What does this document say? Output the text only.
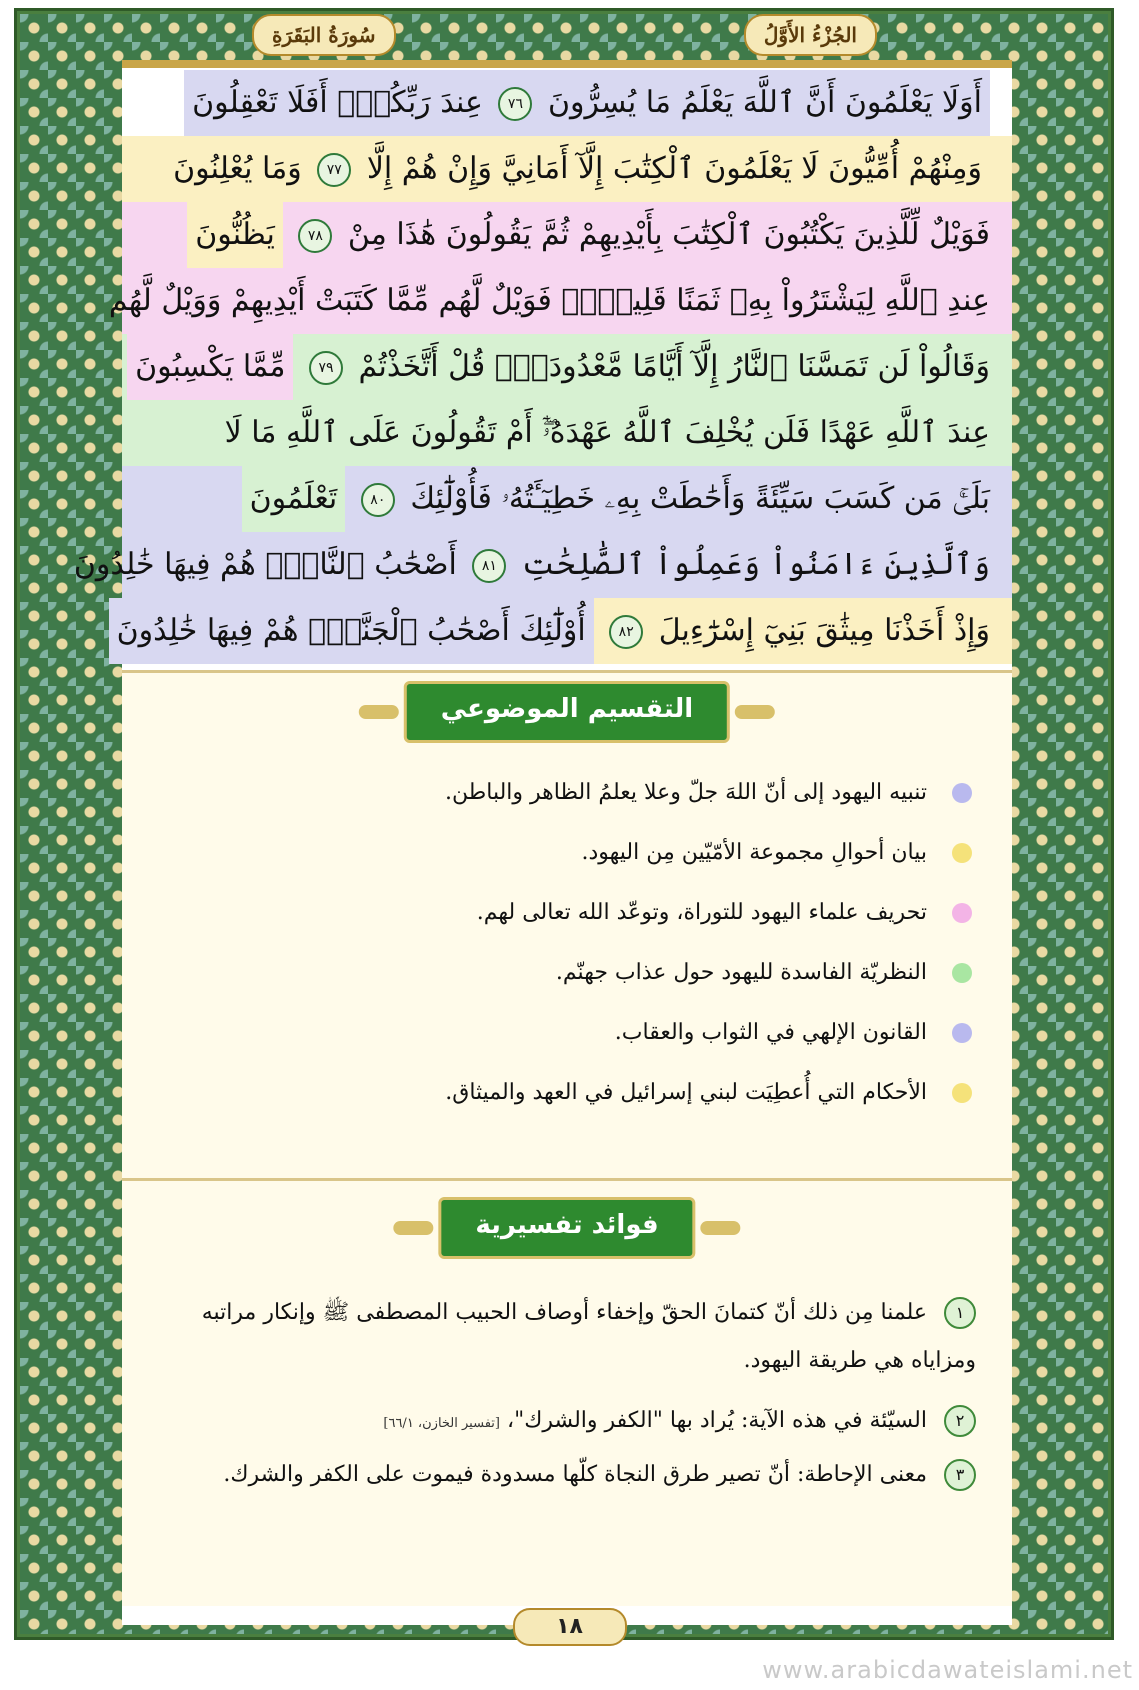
سُورَةُ البَقَرَةِ	الجُزْءُ الأَوَّلُ
أَوَلَا يَعْلَمُونَ أَنَّ ٱللَّهَ يَعْلَمُ مَا يُسِرُّونَ
٧٦
عِندَ رَبِّكُمْۚ أَفَلَا تَعْقِلُونَ
وَمِنْهُمْ أُمِّيُّونَ لَا يَعْلَمُونَ ٱلْكِتَٰبَ إِلَّآ أَمَانِيَّ وَإِنْ هُمْ إِلَّا
٧٧
وَمَا يُعْلِنُونَ
فَوَيْلٌ لِّلَّذِينَ يَكْتُبُونَ ٱلْكِتَٰبَ بِأَيْدِيهِمْ ثُمَّ يَقُولُونَ هَٰذَا مِنْ
٧٨
يَظُنُّونَ
عِندِ ٱللَّهِ لِيَشْتَرُواْ بِهِۦ ثَمَنًا قَلِيلًاۖ فَوَيْلٌ لَّهُم مِّمَّا كَتَبَتْ أَيْدِيهِمْ وَوَيْلٌ لَّهُم
وَقَالُواْ لَن تَمَسَّنَا ٱلنَّارُ إِلَّآ أَيَّامًا مَّعْدُودَةًۚ قُلْ أَتَّخَذْتُمْ
٧٩
مِّمَّا يَكْسِبُونَ
عِندَ ٱللَّهِ عَهْدًا فَلَن يُخْلِفَ ٱللَّهُ عَهْدَهُۥٓۖ أَمْ تَقُولُونَ عَلَى ٱللَّهِ مَا لَا
بَلَىٰۚ مَن كَسَبَ سَيِّئَةً وَأَحَٰطَتْ بِهِۦ خَطِيٓـَٔتُهُۥ فَأُوْلَٰٓئِكَ
٨٠
تَعْلَمُونَ
وَٱلَّذِينَ ءَامَنُواْ وَعَمِلُواْ ٱلصَّٰلِحَٰتِ
٨١
أَصْحَٰبُ ٱلنَّارِۖ هُمْ فِيهَا خَٰلِدُونَ
وَإِذْ أَخَذْنَا مِيثَٰقَ بَنِيٓ إِسْرَٰٓءِيلَ
٨٢
أُوْلَٰٓئِكَ أَصْحَٰبُ ٱلْجَنَّةِۖ هُمْ فِيهَا خَٰلِدُونَ
التقسيم الموضوعي
تنبيه اليهود إلى أنّ اللهَ جلّ وعلا يعلمُ الظاهر والباطن.
بيان أحوالِ مجموعة الأمّيّين مِن اليهود.
تحريف علماء اليهود للتوراة، وتوعّد الله تعالى لهم.
النظريّة الفاسدة لليهود حول عذاب جهنّم.
القانون الإلهي في الثواب والعقاب.
الأحكام التي أُعطِيَت لبني إسرائيل في العهد والميثاق.
فوائد تفسيرية
١ علمنا مِن ذلك أنّ كتمانَ الحقّ وإخفاء أوصاف الحبيب المصطفى ﷺ وإنكار مراتبه ومزاياه هي طريقة اليهود.
٢ السيّئة في هذه الآية: يُراد بها "الكفر والشرك"، [تفسير الخازن، ٦٦/١]
٣ معنى الإحاطة: أنّ تصير طرق النجاة كلّها مسدودة فيموت على الكفر والشرك.
١٨
www.arabicdawateislami.net
